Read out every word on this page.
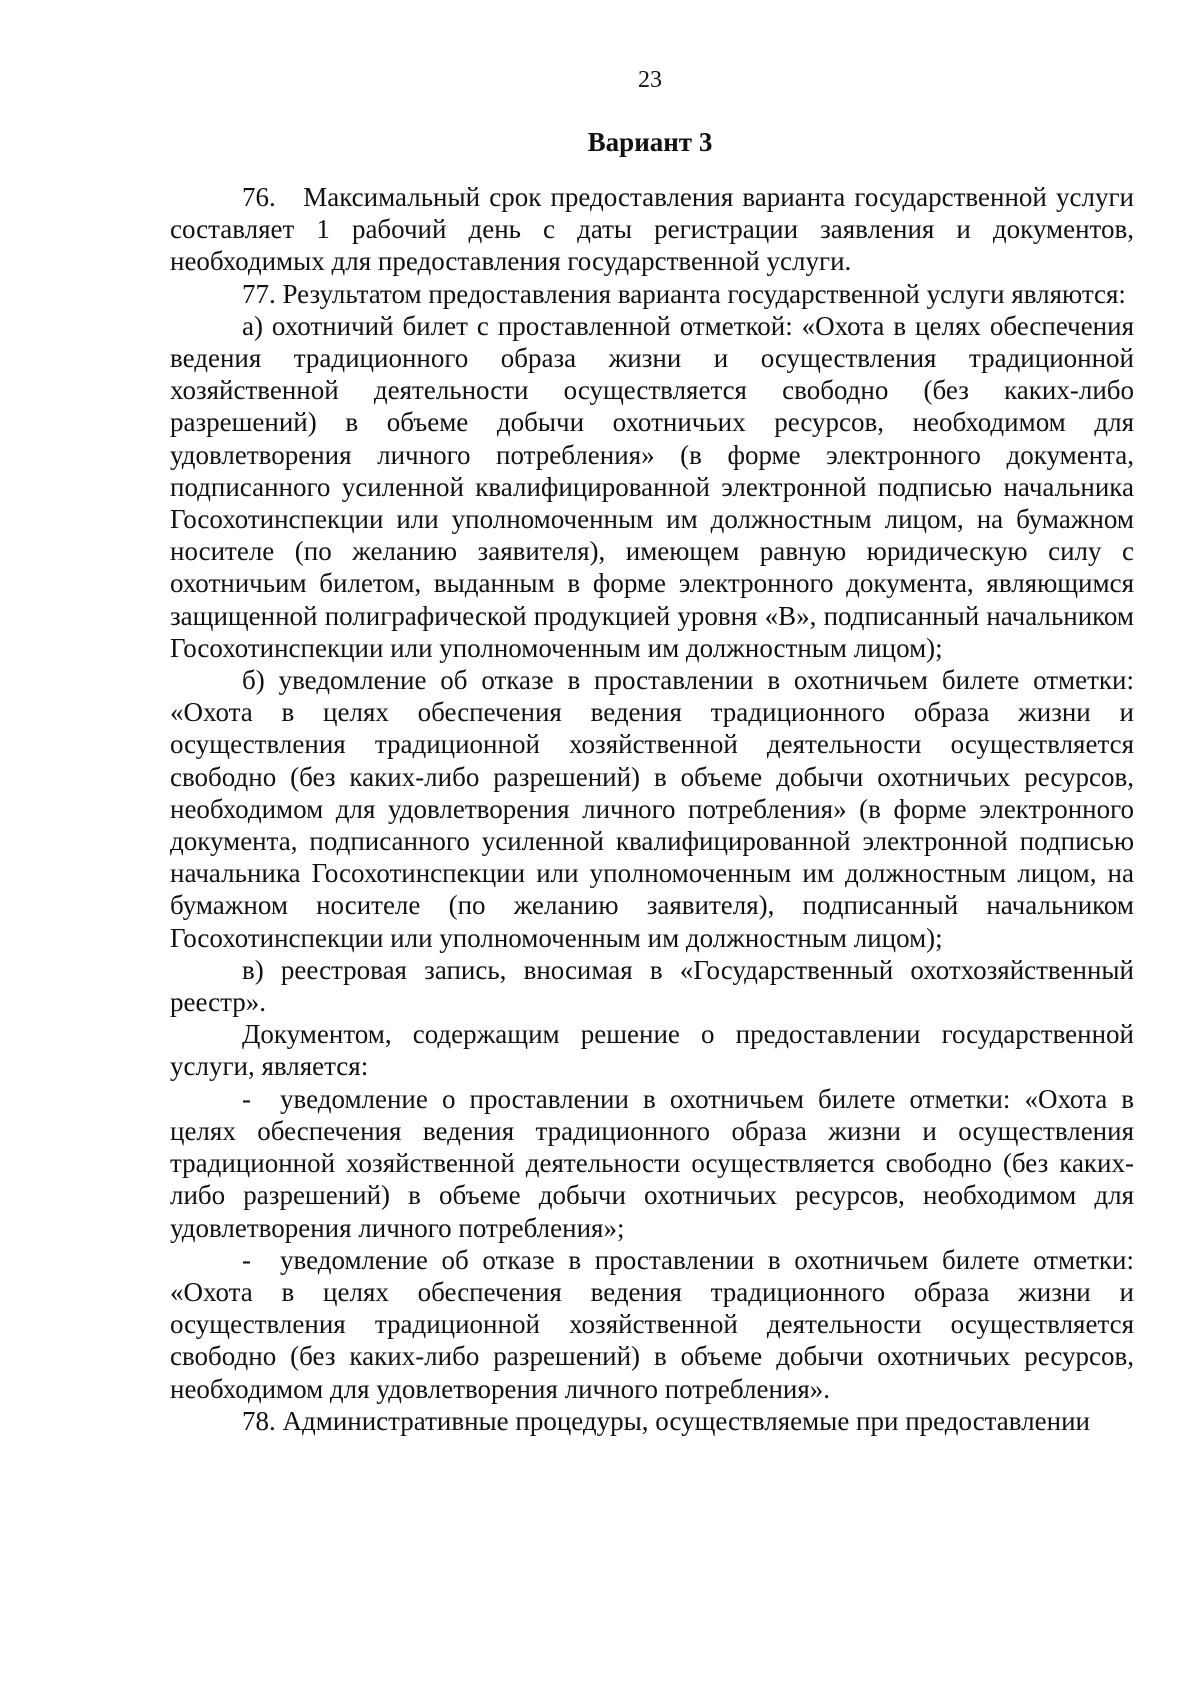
23
Вариант 3

76.   Максимальный срок предоставления варианта государственной услуги составляет 1 рабочий день с даты регистрации заявления и документов, необходимых для предоставления государственной услуги.

77. Результатом предоставления варианта государственной услуги являются:

а) охотничий билет с проставленной отметкой: «Охота в целях обеспечения ведения традиционного образа жизни и осуществления традиционной хозяйственной деятельности осуществляется свободно (без каких-либо разрешений) в объеме добычи охотничьих ресурсов, необходимом для удовлетворения личного потребления» (в форме электронного документа, подписанного усиленной квалифицированной электронной подписью начальника Госохотинспекции или уполномоченным им должностным лицом, на бумажном носителе (по желанию заявителя), имеющем равную юридическую силу с охотничьим билетом, выданным в форме электронного документа, являющимся защищенной полиграфической продукцией уровня «В», подписанный начальником Госохотинспекции или уполномоченным им должностным лицом);

б) уведомление об отказе в проставлении в охотничьем билете отметки: «Охота в целях обеспечения ведения традиционного образа жизни и осуществления традиционной хозяйственной деятельности осуществляется свободно (без каких-либо разрешений) в объеме добычи охотничьих ресурсов, необходимом для удовлетворения личного потребления» (в форме электронного документа, подписанного усиленной квалифицированной электронной подписью начальника Госохотинспекции или уполномоченным им должностным лицом, на бумажном носителе (по желанию заявителя), подписанный начальником Госохотинспекции или уполномоченным им должностным лицом);

в) реестровая запись, вносимая в «Государственный охотхозяйственный реестр».

Документом, содержащим решение о предоставлении государственной услуги, является:

- уведомление о проставлении в охотничьем билете отметки: «Охота в целях обеспечения ведения традиционного образа жизни и осуществления традиционной хозяйственной деятельности осуществляется свободно (без каких-либо разрешений) в объеме добычи охотничьих ресурсов, необходимом для удовлетворения личного потребления»;

- уведомление об отказе в проставлении в охотничьем билете отметки: «Охота в целях обеспечения ведения традиционного образа жизни и осуществления традиционной хозяйственной деятельности осуществляется свободно (без каких-либо разрешений) в объеме добычи охотничьих ресурсов, необходимом для удовлетворения личного потребления».

78. Административные процедуры, осуществляемые при предоставлении
